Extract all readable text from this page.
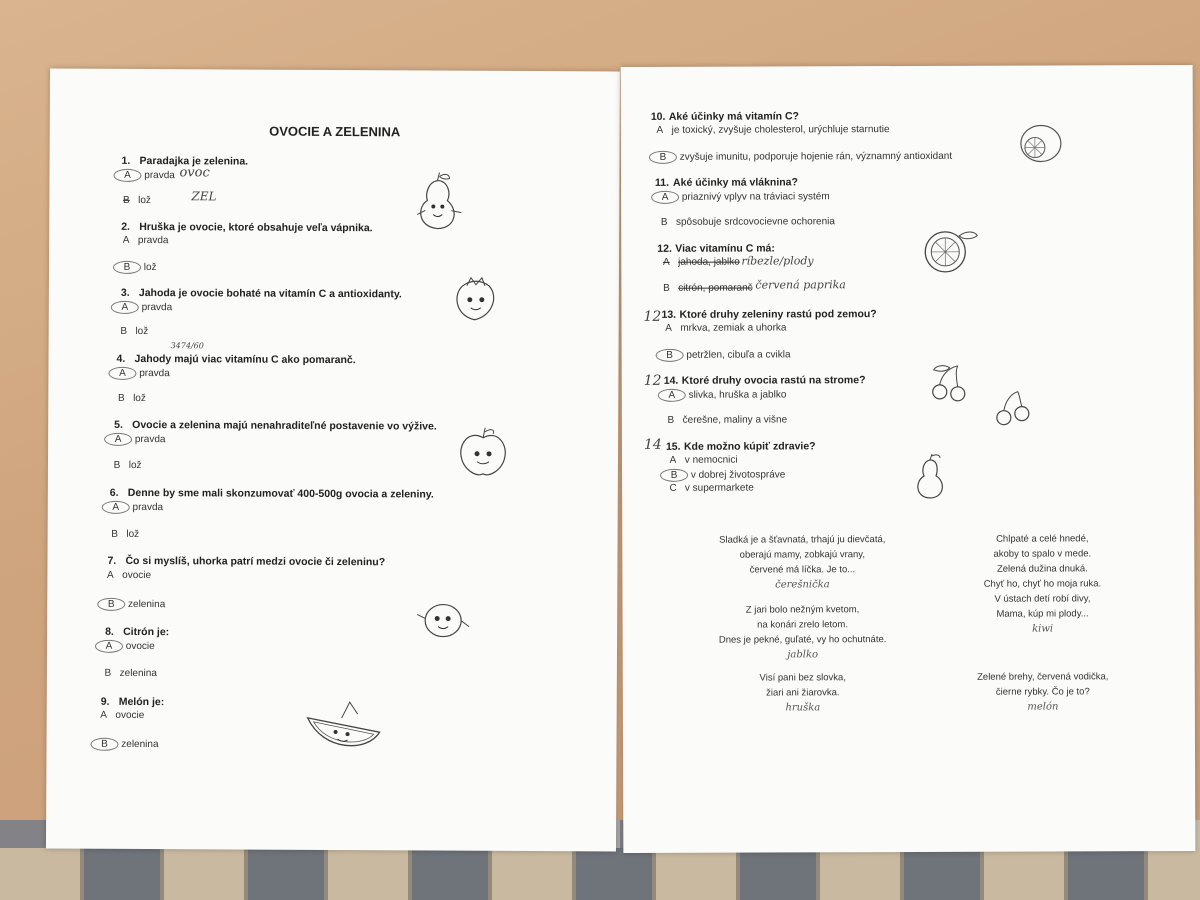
OVOCIE A ZELENINA
1. Paradajka je zelenina.
A pravda ovoc
B lož	ZEL
2. Hruška je ovocie, ktoré obsahuje veľa vápnika.
A pravda
B lož
3. Jahoda je ovocie bohaté na vitamín C a antioxidanty.
A pravda
B lož
3474/60
4. Jahody majú viac vitamínu C ako pomaranč.
A pravda
B lož
5. Ovocie a zelenina majú nenahraditeľné postavenie vo výžive.
A pravda
B lož
6. Denne by sme mali skonzumovať 400-500g ovocia a zeleniny.
A pravda
B lož
7. Čo si myslíš, uhorka patrí medzi ovocie či zeleninu?
A ovocie
B zelenina
8. Citrón je:
A ovocie
B zelenina
9. Melón je:
A ovocie
B zelenina
10. Aké účinky má vitamín C?
A je toxický, zvyšuje cholesterol, urýchluje starnutie
B zvyšuje imunitu, podporuje hojenie rán, významný antioxidant
11. Aké účinky má vláknina?
A priaznivý vplyv na tráviaci systém
B spôsobuje srdcovocievne ochorenia
12. Viac vitamínu C má:
A jahoda, jablko ríbezle/plody
B citrón, pomaranč červená paprika
12 13. Ktoré druhy zeleniny rastú pod zemou?
A mrkva, zemiak a uhorka
B petržlen, cibuľa a cvikla
12 14. Ktoré druhy ovocia rastú na strome?
A slivka, hruška a jablko
B čerešne, maliny a višne
14 15. Kde možno kúpiť zdravie?
A v nemocnici
B v dobrej životospráve
C v supermarkete
Sladká je a šťavnatá, trhajú ju dievčatá,
oberajú mamy, zobkajú vrany,
červené má líčka. Je to...
čerešnička
Z jari bolo nežným kvetom,
na konári zrelo letom.
Dnes je pekné, guľaté, vy ho ochutnáte.
jablko
Visí pani bez slovka,
žiari ani žiarovka.
hruška
Chlpaté a celé hnedé,
akoby to spalo v mede.
Zelená dužina dnuká.
Chyť ho, chyť ho moja ruka.
V ústach detí robí divy,
Mama, kúp mi plody...
kiwi
Zelené brehy, červená vodička,
čierne rybky. Čo je to?
melón
